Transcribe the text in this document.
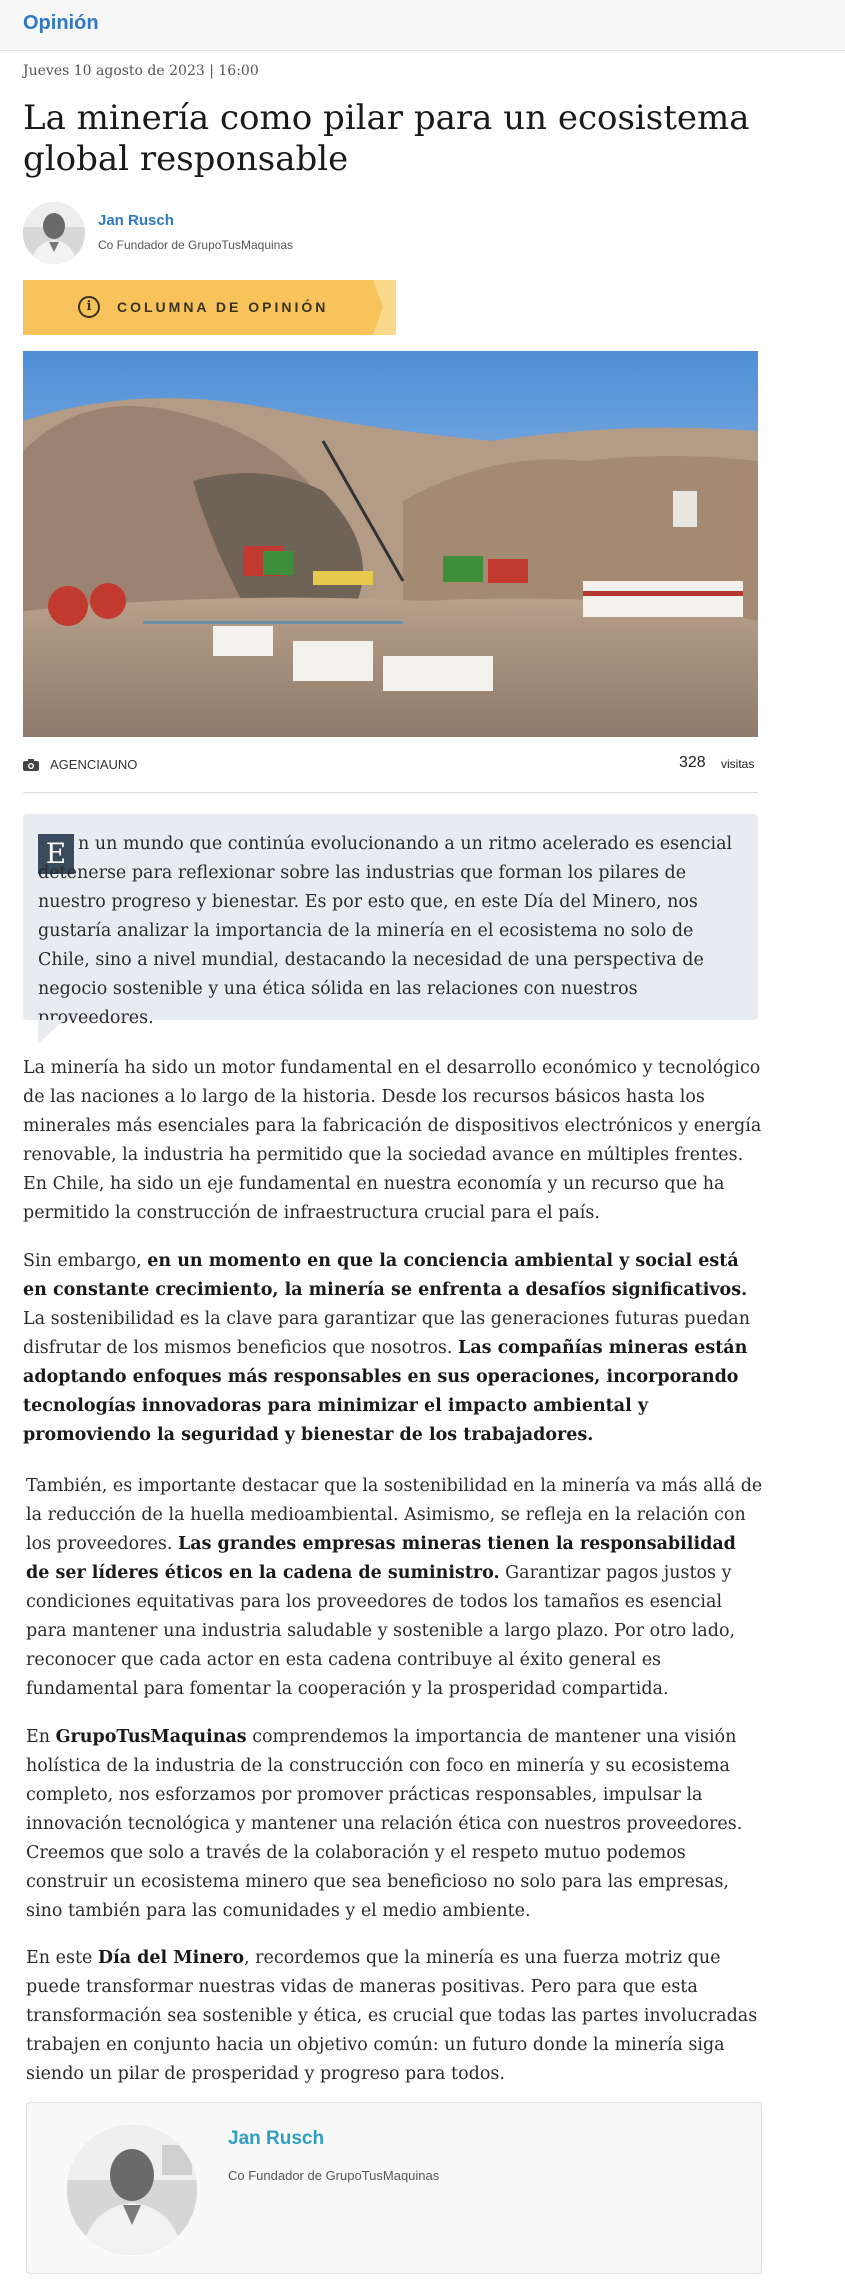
Opinión
Jueves 10 agosto de 2023 | 16:00
La minería como pilar para un ecosistema global responsable
Jan Rusch
Co Fundador de GrupoTusMaquinas
i	COLUMNA DE OPINIÓN
AGENCIAUNO	328 visitas
E n un mundo que continúa evolucionando a un ritmo acelerado es esencial detenerse para reflexionar sobre las industrias que forman los pilares de nuestro progreso y bienestar. Es por esto que, en este Día del Minero, nos gustaría analizar la importancia de la minería en el ecosistema no solo de Chile, sino a nivel mundial, destacando la necesidad de una perspectiva de negocio sostenible y una ética sólida en las relaciones con nuestros proveedores.

La minería ha sido un motor fundamental en el desarrollo económico y tecnológico de las naciones a lo largo de la historia. Desde los recursos básicos hasta los minerales más esenciales para la fabricación de dispositivos electrónicos y energía renovable, la industria ha permitido que la sociedad avance en múltiples frentes. En Chile, ha sido un eje fundamental en nuestra economía y un recurso que ha permitido la construcción de infraestructura crucial para el país.

Sin embargo, en un momento en que la conciencia ambiental y social está en constante crecimiento, la minería se enfrenta a desafíos significativos. La sostenibilidad es la clave para garantizar que las generaciones futuras puedan disfrutar de los mismos beneficios que nosotros. Las compañías mineras están adoptando enfoques más responsables en sus operaciones, incorporando tecnologías innovadoras para minimizar el impacto ambiental y promoviendo la seguridad y bienestar de los trabajadores.

También, es importante destacar que la sostenibilidad en la minería va más allá de la reducción de la huella medioambiental. Asimismo, se refleja en la relación con los proveedores. Las grandes empresas mineras tienen la responsabilidad de ser líderes éticos en la cadena de suministro. Garantizar pagos justos y condiciones equitativas para los proveedores de todos los tamaños es esencial para mantener una industria saludable y sostenible a largo plazo. Por otro lado, reconocer que cada actor en esta cadena contribuye al éxito general es fundamental para fomentar la cooperación y la prosperidad compartida.

En GrupoTusMaquinas comprendemos la importancia de mantener una visión holística de la industria de la construcción con foco en minería y su ecosistema completo, nos esforzamos por promover prácticas responsables, impulsar la innovación tecnológica y mantener una relación ética con nuestros proveedores. Creemos que solo a través de la colaboración y el respeto mutuo podemos construir un ecosistema minero que sea beneficioso no solo para las empresas, sino también para las comunidades y el medio ambiente.

En este Día del Minero, recordemos que la minería es una fuerza motriz que puede transformar nuestras vidas de maneras positivas. Pero para que esta transformación sea sostenible y ética, es crucial que todas las partes involucradas trabajen en conjunto hacia un objetivo común: un futuro donde la minería siga siendo un pilar de prosperidad y progreso para todos.

Jan Rusch
Co Fundador de GrupoTusMaquinas
